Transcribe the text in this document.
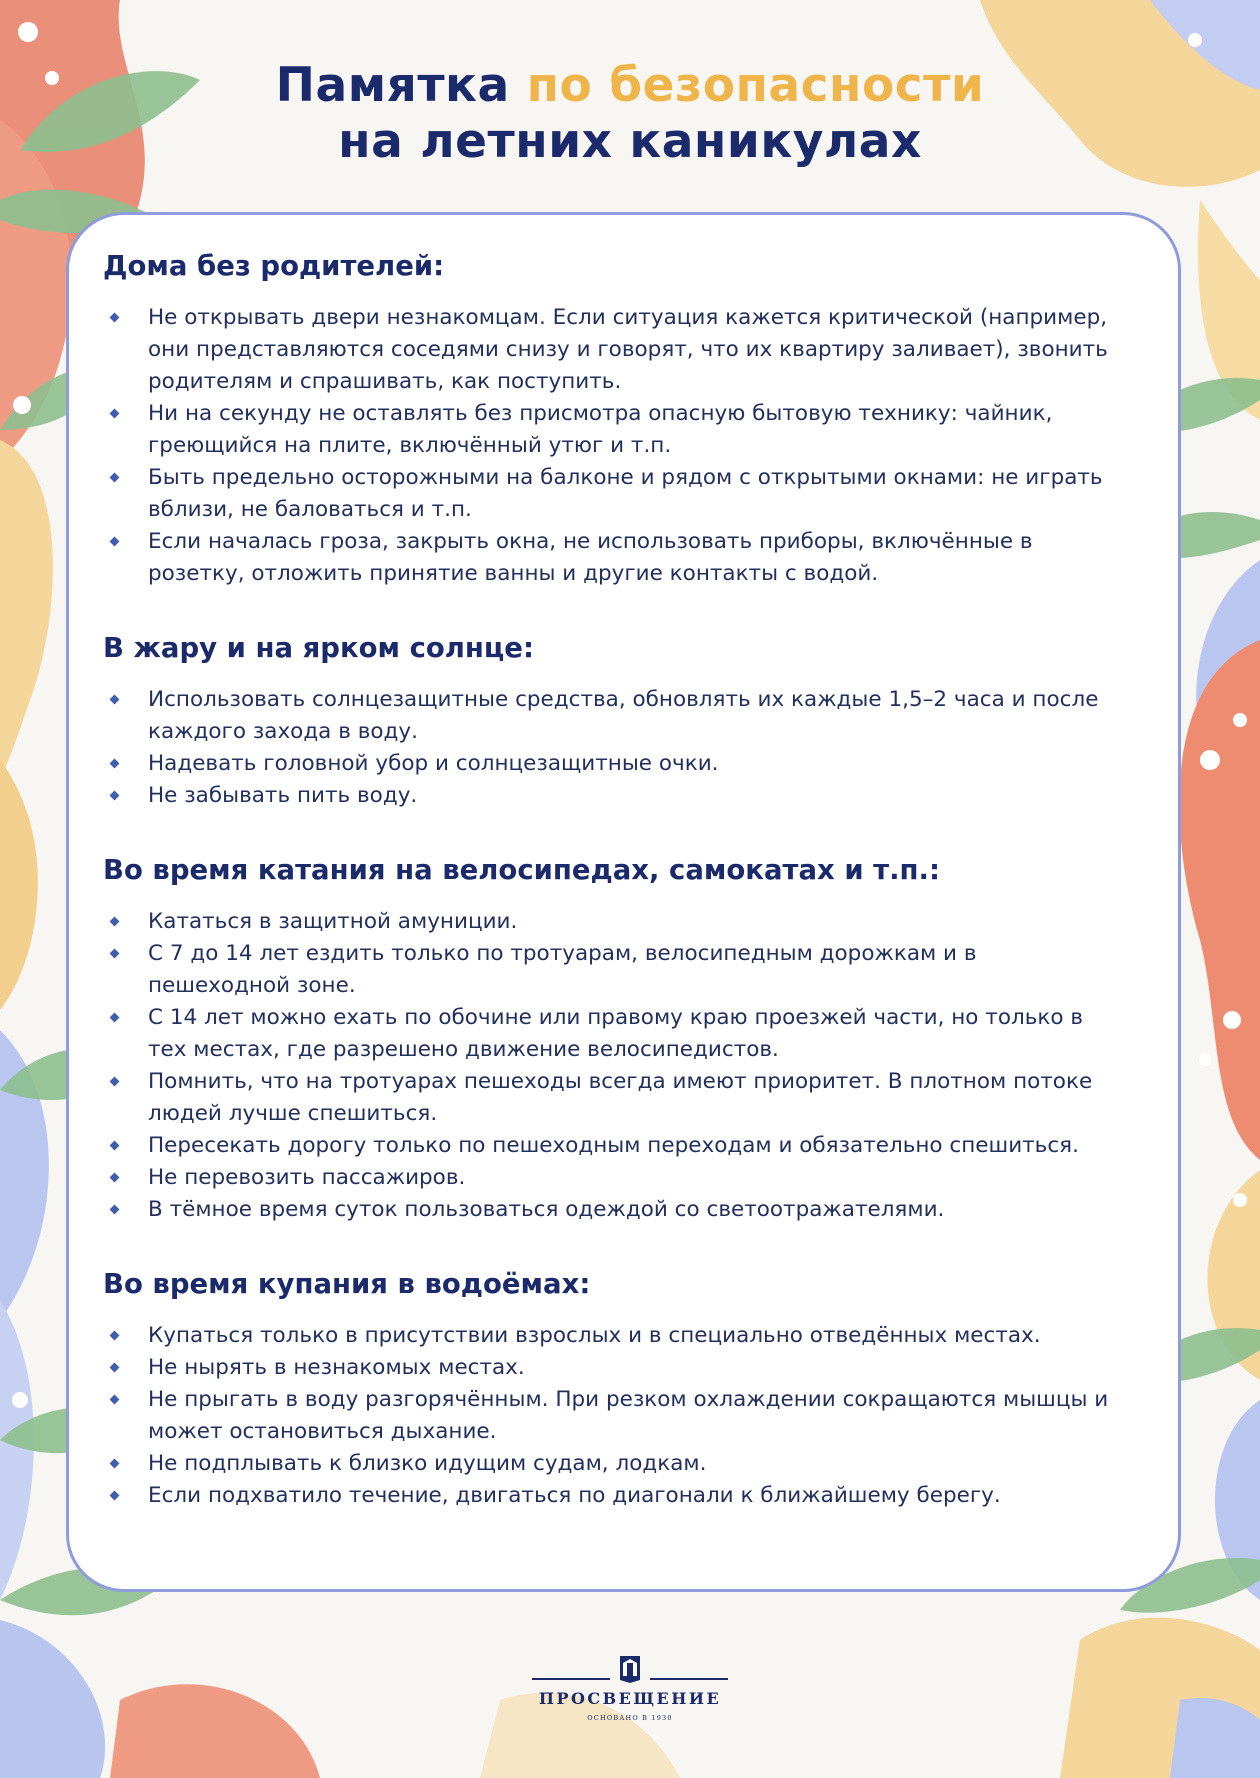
Памятка по безопасности
на летних каникулах
Дома без родителей:
Не открывать двери незнакомцам. Если ситуация кажется критической (например, они представляются соседями снизу и говорят, что их квартиру заливает), звонить родителям и спрашивать, как поступить.
Ни на секунду не оставлять без присмотра опасную бытовую технику: чайник, греющийся на плите, включённый утюг и т.п.
Быть предельно осторожными на балконе и рядом с открытыми окнами: не играть вблизи, не баловаться и т.п.
Если началась гроза, закрыть окна, не использовать приборы, включённые в розетку, отложить принятие ванны и другие контакты с водой.
В жару и на ярком солнце:
Использовать солнцезащитные средства, обновлять их каждые 1,5–2 часа и после каждого захода в воду.
Надевать головной убор и солнцезащитные очки.
Не забывать пить воду.
Во время катания на велосипедах, самокатах и т.п.:
Кататься в защитной амуниции.
С 7 до 14 лет ездить только по тротуарам, велосипедным дорожкам и в пешеходной зоне.
С 14 лет можно ехать по обочине или правому краю проезжей части, но только в тех местах, где разрешено движение велосипедистов.
Помнить, что на тротуарах пешеходы всегда имеют приоритет. В плотном потоке людей лучше спешиться.
Пересекать дорогу только по пешеходным переходам и обязательно спешиться.
Не перевозить пассажиров.
В тёмное время суток пользоваться одеждой со светоотражателями.
Во время купания в водоёмах:
Купаться только в присутствии взрослых и в специально отведённых местах.
Не нырять в незнакомых местах.
Не прыгать в воду разгорячённым. При резком охлаждении сокращаются мышцы и может остановиться дыхание.
Не подплывать к близко идущим судам, лодкам.
Если подхватило течение, двигаться по диагонали к ближайшему берегу.
ПРОСВЕЩЕНИЕ
ОСНОВАНО В 1930
